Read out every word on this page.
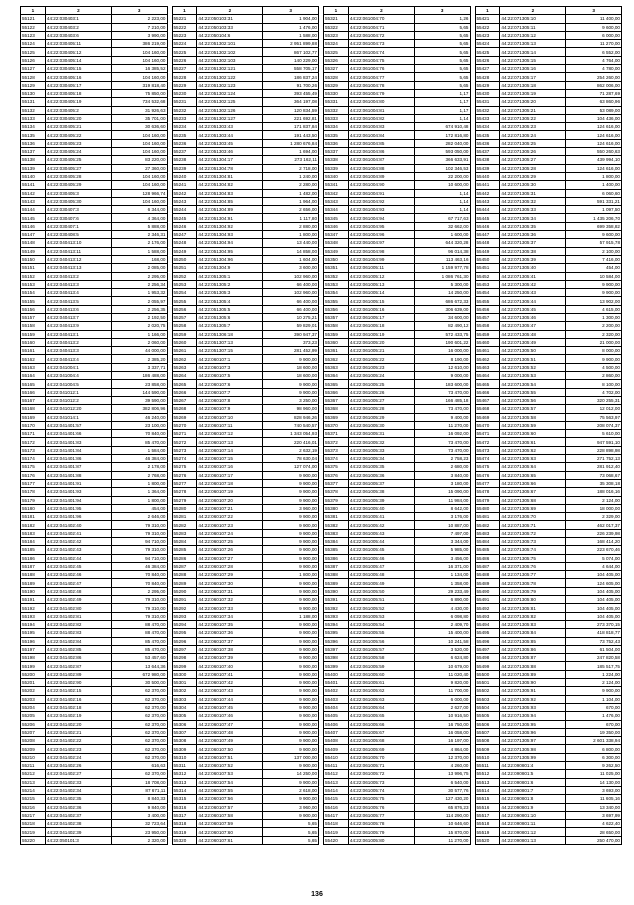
1	2	3
55121	44:22:030403:1	2 223,00
55122	44:22:030403:2	7 210,00
55123	44:22:030403:6	3 990,00
55124	44:22:030405:11	386 219,00
55125	44:22:030405:12	104 160,00
55126	44:22:030405:14	104 160,00
55127	44:22:030405:15	16 385,52
55128	44:22:030405:16	104 160,00
55129	44:22:030405:17	319 818,40
55130	44:22:030405:18	75 850,00
55131	44:22:030405:19	734 532,68
55132	44:22:030405:2	31 926,63
55133	44:22:030405:20	35 701,00
55134	44:22:030405:21	30 636,60
55135	44:22:030405:22	104 160,00
55136	44:22:030405:23	104 160,00
55137	44:22:030405:24	104 160,00
55138	44:22:030405:25	83 220,00
55139	44:22:030405:27	27 360,00
55140	44:22:030405:28	104 160,00
55141	44:22:030405:29	104 160,00
55142	44:22:030405:3	128 966,74
55143	44:22:030405:30	104 160,00
55144	44:22:030407:3	6 344,00
55145	44:22:030407:6	4 364,00
55146	44:22:030407:1	5 888,00
55147	44:22:030408:5	2 346,31
55148	44:22:040413:10	2 176,00
55149	44:22:040413:11	1 588,00
55150	44:22:040413:12	168,00
55151	44:22:040413:13	2 085,00
55152	44:22:040413:2	2 295,00
55153	44:22:040413:3	2 256,34
55154	44:22:040413:4	1 953,32
55155	44:22:040413:5	2 055,97
55156	44:22:040413:6	2 256,35
55157	44:22:040413:7	2 192,50
55158	44:22:040413:9	2 020,75
55159	44:22:040413:1	1 166,00
55160	44:22:040413:2	2 060,00
55161	44:22:040413:3	44 000,00
55162	44:22:040413:4	2 385,20
55163	44:22:041004:1	3 337,71
55164	44:22:041004:4	186 488,00
55165	44:22:041004:5	23 858,00
55166	44:22:041012:1	144 590,00
55167	44:22:041012:2	39 590,00
55168	44:22:041012:20	382 806,96
55169	44:22:041014:1	46 240,00
55170	44:22:041401:57	23 100,00
55171	44:22:041401:66	70 840,00
55172	44:22:041401:83	85 470,00
55173	44:22:041401:84	1 584,00
55174	44:22:041401:86	46 384,00
55175	44:22:041401:87	2 178,00
55176	44:22:041401:88	2 768,00
55177	44:22:041401:91	1 800,00
55178	44:22:041401:93	1 364,00
55179	44:22:041401:94	1 800,00
55180	44:22:041401:95	454,00
55181	44:22:041401:96	2 646,00
55182	44:22:041402:40	79 310,00
55183	44:22:041402:41	79 310,00
55184	44:22:041402:42	94 710,00
55185	44:22:041402:43	79 310,00
55186	44:22:041402:44	94 710,00
55187	44:22:041402:45	46 384,00
55188	44:22:041402:46	70 840,00
55189	44:22:041402:47	70 840,00
55190	44:22:041402:48	2 295,00
55191	44:22:041402:49	79 310,00
55192	44:22:041402:80	79 310,00
55193	44:22:041402:81	79 310,00
55194	44:22:041402:82	88 470,00
55195	44:22:041402:83	88 470,00
55196	44:22:041402:84	85 470,00
55197	44:22:041402:85	85 470,00
55198	44:22:041402:86	53 457,60
55199	44:22:041402:87	13 644,36
55200	44:22:041402:89	672 980,00
55201	44:22:041402:90	30 500,00
55202	44:22:041402:15	62 370,00
55203	44:22:041402:16	62 370,00
55204	44:22:041402:18	62 370,00
55205	44:22:041402:19	62 370,00
55206	44:22:041402:20	62 370,00
55207	44:22:041402:21	62 370,00
55208	44:22:041402:22	62 370,00
55209	44:22:041402:23	62 370,00
55210	44:22:041402:24	62 370,00
55211	44:22:041402:26	616,63
55212	44:22:041402:27	62 370,00
55213	44:22:041402:33	18 708,00
55214	44:22:041402:34	87 671,11
55215	44:22:041402:35	8 840,33
55216	44:22:041402:36	9 840,00
55217	44:22:041402:37	3 400,00
55218	44:22:041402:38	32 723,64
55219	44:22:041402:39	23 950,00
55220	44:22:050101:3	2 320,00
1	2	3
55221	44:22:050103:31	1 904,00
55222	44:22:050103:33	1 476,00
55223	44:22:050104:6	1 588,00
55224	44:22:051302:101	2 951 899,88
55225	44:22:051302:102	867 102,77
55226	44:22:051302:103	140 229,00
55227	44:22:051302:121	558 705,17
55228	44:22:051302:122	186 837,24
55229	44:22:051302:123	91 700,26
55230	44:22:051302:124	393 455,49
55231	44:22:051302:125	364 197,08
55232	44:22:051302:126	120 834,59
55233	44:22:051302:127	221 692,81
55234	44:22:051303:43	171 837,84
55235	44:22:051303:44	191 443,50
55236	44:22:051303:45	1 280 676,84
55237	44:22:051303:46	1 694,00
55238	44:22:051304:17	273 162,11
55239	44:22:051304:78	2 718,00
55240	44:22:051304:81	1 240,00
55241	44:22:051304:82	2 280,00
55242	44:22:051304:83	1 482,00
55243	44:22:051304:85	1 964,00
55244	44:22:051304:89	2 656,00
55245	44:22:051304:91	1 117,80
55246	44:22:051304:92	2 880,00
55247	44:22:051304:93	1 800,00
55248	44:22:051304:94	13 440,00
55249	44:22:051304:95	14 858,00
55250	44:22:051304:96	1 604,00
55251	44:22:051304:9	3 600,00
55252	44:22:051305:1	102 960,00
55253	44:22:051305:2	66 400,00
55254	44:22:051305:3	102 960,00
55255	44:22:051305:4	66 400,00
55256	44:22:051305:5	66 400,00
55257	44:22:051305:6	10 275,21
55258	44:22:051305:7	59 829,01
55259	44:22:051306:18	390 947,37
55260	44:22:051307:13	373,23
55261	44:22:051307:15	281 452,99
55262	44:22:060107:1	9 900,00
55263	44:22:060107:3	18 600,00
55264	44:22:060107:5	18 600,00
55265	44:22:060107:6	9 900,00
55266	44:22:060107:7	9 900,00
55267	44:22:060107:8	3 250,00
55268	44:22:060107:9	98 960,00
55269	44:22:060107:10	828 946,26
55270	44:22:060107:11	740 540,57
55271	44:22:060107:12	1 343 054,93
55272	44:22:060107:13	220 416,01
55273	44:22:060107:14	2 632,19
55274	44:22:060107:15	78 630,04
55275	44:22:060107:16	127 074,00
55276	44:22:060107:17	9 900,00
55277	44:22:060107:18	9 900,00
55278	44:22:060107:19	9 900,00
55279	44:22:060107:20	9 900,00
55280	44:22:060107:21	3 960,00
55281	44:22:060107:22	9 900,00
55282	44:22:060107:23	9 900,00
55283	44:22:060107:24	9 900,00
55284	44:22:060107:25	9 900,00
55285	44:22:060107:26	9 900,00
55286	44:22:060107:27	9 900,00
55287	44:22:060107:28	9 900,00
55288	44:22:060107:29	1 800,00
55289	44:22:060107:30	9 900,00
55290	44:22:060107:31	9 900,00
55291	44:22:060107:32	9 900,00
55292	44:22:060107:33	9 900,00
55293	44:22:060107:34	1 188,00
55294	44:22:060107:35	9 900,00
55295	44:22:060107:36	9 900,00
55296	44:22:060107:37	9 900,00
55297	44:22:060107:38	9 900,00
55298	44:22:060107:39	9 900,00
55299	44:22:060107:40	9 900,00
55300	44:22:060107:41	9 900,00
55301	44:22:060107:42	9 900,00
55302	44:22:060107:43	9 900,00
55303	44:22:060107:44	9 900,00
55304	44:22:060107:45	9 900,00
55305	44:22:060107:46	9 900,00
55306	44:22:060107:47	9 900,00
55307	44:22:060107:48	9 900,00
55308	44:22:060107:49	9 900,00
55309	44:22:060107:50	9 900,00
55310	44:22:060107:51	137 000,00
55311	44:22:060107:52	9 900,00
55312	44:22:060107:53	14 250,00
55313	44:22:060107:54	9 900,00
55314	44:22:060107:55	2 618,00
55315	44:22:060107:56	9 900,00
55316	44:22:060107:57	3 960,00
55317	44:22:060107:58	9 900,00
55318	44:22:060107:59	5,65
55319	44:22:060107:60	5,65
55320	44:22:060107:61	5,65
1	2	3
55321	44:22:061004:70	1,26
55322	44:22:061004:71	5,65
55323	44:22:061004:72	5,65
55324	44:22:061004:73	5,65
55325	44:22:061004:74	5,65
55326	44:22:061004:75	5,65
55327	44:22:061004:76	5,65
55328	44:22:061004:77	5,65
55329	44:22:061004:78	5,65
55330	44:22:061004:79	1,17
55331	44:22:061004:80	1,17
55332	44:22:061004:81	1,17
55333	44:22:061004:82	1,14
55334	44:22:061004:83	674 910,48
55335	44:22:061004:84	172 816,80
55336	44:22:061004:85	282 040,00
55337	44:22:061004:86	593 050,00
55338	44:22:061004:87	366 633,91
55339	44:22:061004:88	102 346,53
55340	44:22:061004:89	22 200,00
55341	44:22:061004:90	10 600,00
55342	44:22:061004:91	1,14
55343	44:22:061004:92	1,14
55344	44:22:061004:93	1,14
55345	44:22:061004:94	67 717,63
55346	44:22:061004:95	32 662,00
55347	44:22:061004:96	1 600,00
55348	44:22:061004:97	644 320,28
55349	44:22:061004:98	96 014,38
55350	44:22:061004:99	113 463,16
55351	44:22:061005:11	1 159 977,78
55352	44:22:061005:12	1 086 761,30
55353	44:22:061005:13	5 300,00
55354	44:22:061005:14	14 250,00
55355	44:22:061005:15	686 672,33
55356	44:22:061005:16	306 639,00
55357	44:22:061005:17	34 600,00
55358	44:22:061005:18	82 490,12
55359	44:22:061005:19	572 433,75
55360	44:22:061005:20	190 601,22
55361	44:22:061005:21	16 000,00
55362	44:22:061005:22	8 190,00
55363	44:22:061005:23	12 610,00
55364	44:22:061005:24	9 000,00
55365	44:22:061005:25	183 600,00
55366	44:22:061005:26	73 470,00
55367	44:22:061005:27	166 485,18
55368	44:22:061005:28	73 470,00
55369	44:22:061005:29	9 400,00
55370	44:22:061005:30	11 270,00
55371	44:22:061005:31	16 092,00
55372	44:22:061005:32	73 470,00
55373	44:22:061005:33	73 470,00
55374	44:22:061005:34	2 758,23
55375	44:22:061005:35	2 680,00
55376	44:22:061005:36	3 840,00
55377	44:22:061005:37	3 180,00
55378	44:22:061005:38	15 090,00
55379	44:22:061005:39	11 984,00
55380	44:22:061005:40	8 642,00
55381	44:22:061005:41	3 176,00
55382	44:22:061005:42	10 887,00
55383	44:22:061005:43	7 497,00
55384	44:22:061005:44	3 344,00
55385	44:22:061005:45	5 985,00
55386	44:22:061005:46	3 456,00
55387	44:22:061005:47	16 371,00
55388	44:22:061005:48	1 134,00
55389	44:22:061005:49	1 358,00
55390	44:22:061005:50	29 233,49
55391	44:22:061005:51	6 890,00
55392	44:22:061005:52	4 430,00
55393	44:22:061005:53	6 098,80
55394	44:22:061005:54	2 409,70
55395	44:22:061005:55	15 400,00
55396	44:22:061005:56	10 241,58
55397	44:22:061005:57	3 520,00
55398	44:22:061005:58	6 624,80
55399	44:22:061005:59	10 679,00
55400	44:22:061005:60	11 020,40
55401	44:22:061005:61	9 820,00
55402	44:22:061005:62	11 700,00
55403	44:22:061005:63	6 000,00
55404	44:22:061005:64	2 627,00
55405	44:22:061005:65	10 916,50
55406	44:22:061005:66	16 750,00
55407	44:22:061005:67	16 058,00
55408	44:22:061005:68	16 197,00
55409	44:22:061005:69	4 864,00
55410	44:22:061005:70	12 370,00
55411	44:22:061005:71	4 260,00
55412	44:22:061005:72	13 996,75
55413	44:22:061005:73	6 540,00
55414	44:22:061005:74	30 577,76
55415	44:22:061005:75	127 430,20
55416	44:22:061005:76	65 876,23
55417	44:22:061005:77	114 290,00
55418	44:22:061005:78	10 646,60
55419	44:22:061005:79	15 870,00
55420	44:22:061005:80	11 270,00
1	2	3
55421	44:22:071305:10	11 400,00
55422	44:22:071305:11	9 600,00
55423	44:22:071305:12	6 000,00
55424	44:22:071305:13	11 270,00
55425	44:22:071305:14	6 552,00
55426	44:22:071305:15	4 764,00
55427	44:22:071305:16	4 780,00
55428	44:22:071305:17	254 260,00
55429	44:22:071305:18	862 006,00
55430	44:22:071305:19	71 287,69
55431	44:22:071305:20	63 860,96
55432	44:22:071305:21	53 089,00
55433	44:22:071305:22	104 436,00
55434	44:22:071305:23	124 616,00
55435	44:22:071305:24	124 616,00
55436	44:22:071305:25	124 616,00
55437	44:22:071305:26	550 260,63
55438	44:22:071305:27	439 994,10
55439	44:22:071305:28	124 616,00
55440	44:22:071305:29	1 800,00
55441	44:22:071305:30	1 400,00
55442	44:22:071305:31	6 060,60
55443	44:22:071305:32	591 331,21
55444	44:22:071305:33	1 097,50
55445	44:22:071305:34	1 435 206,70
55446	44:22:071305:35	699 358,82
55447	44:22:071305:36	9 600,00
55448	44:22:071305:37	57 915,78
55449	44:22:071305:38	2 100,00
55450	44:22:071305:39	7 416,00
55451	44:22:071305:40	454,00
55452	44:22:071305:41	10 584,00
55453	44:22:071305:42	9 900,00
55454	44:22:071305:43	9 900,00
55455	44:22:071305:44	13 902,00
55456	44:22:071305:45	4 615,00
55457	44:22:071305:46	1 300,00
55458	44:22:071305:47	2 200,00
55459	44:22:071305:48	2 320,00
55460	44:22:071305:49	21 000,00
55461	44:22:071305:50	8 000,00
55462	44:22:071305:51	9 900,00
55463	44:22:071305:52	4 500,00
55464	44:22:071305:53	2 860,00
55465	44:22:071305:54	8 100,00
55466	44:22:071305:55	4 702,00
55467	44:22:071305:56	320 255,31
55468	44:22:071305:57	12 012,00
55469	44:22:071305:58	75 563,97
55470	44:22:071305:59	208 074,37
55471	44:22:071305:60	5 610,00
55472	44:22:071305:61	947 591,10
55473	44:22:071305:62	228 898,98
55474	44:22:071305:63	271 752,13
55475	44:22:071305:64	281 912,40
55476	44:22:071305:65	73 068,67
55477	44:22:071305:66	35 308,18
55478	44:22:071305:67	188 016,16
55479	44:22:071305:68	2 124,00
55480	44:22:071305:69	18 000,00
55481	44:22:071305:70	2 329,00
55482	44:22:071305:71	462 017,37
55483	44:22:071305:72	226 239,98
55484	44:22:071305:73	168 414,20
55485	44:22:071305:74	223 670,46
55486	44:22:071305:75	5 074,00
55487	44:22:071305:76	4 644,00
55488	44:22:071305:77	104 405,00
55489	44:22:071305:78	124 605,00
55490	44:22:071305:79	104 405,00
55491	44:22:071305:80	104 405,00
55492	44:22:071305:81	104 405,00
55493	44:22:071305:82	104 405,00
55494	44:22:071305:83	273 370,15
55495	44:22:071305:84	418 818,77
55496	44:22:071305:85	73 752,43
55497	44:22:071305:86	61 504,00
55498	44:22:071305:87	247 820,58
55499	44:22:071305:88	185 517,75
55500	44:22:071305:89	1 224,00
55501	44:22:071305:90	2 124,00
55502	44:22:071305:91	9 900,00
55503	44:22:071305:92	1 104,00
55504	44:22:071305:93	670,00
55505	44:22:071305:94	1 476,00
55506	44:22:071305:95	670,00
55507	44:22:071305:96	19 350,00
55508	44:22:071305:97	2 601 338,94
55509	44:22:071305:98	6 800,00
55510	44:22:071305:99	6 300,00
55511	44:22:090801:4	9 262,50
55512	44:22:090801:5	11 025,00
55513	44:22:090801:6	14 130,00
55514	44:22:090801:7	3 693,00
55515	44:22:090801:8	11 605,16
55516	44:22:090801:9	13 340,00
55517	44:22:090801:10	3 697,99
55518	44:22:090801:11	4 622,40
55519	44:22:090801:12	28 650,00
55520	44:22:090801:13	250 470,00
136
